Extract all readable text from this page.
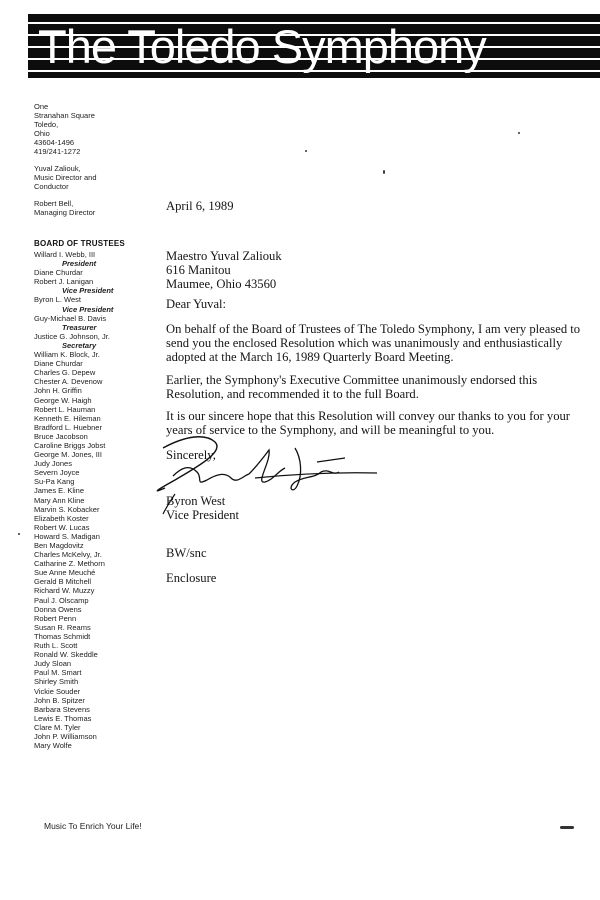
The Toledo Symphony
One
Stranahan Square
Toledo,
Ohio
43604-1496
419/241-1272
Yuval Zaliouk,
Music Director and
Conductor
Robert Bell,
Managing Director
BOARD OF TRUSTEES
Willard I. Webb, III
President
Diane Churdar
Robert J. Lanigan
Vice President
Byron L. West
Vice President
Guy-Michael B. Davis
Treasurer
Justice G. Johnson, Jr.
Secretary
William K. Block, Jr.
Diane Churdar
Charles G. Depew
Chester A. Devenow
John H. Griffin
George W. Haigh
Robert L. Hauman
Kenneth E. Hileman
Bradford L. Huebner
Bruce Jacobson
Caroline Briggs Jobst
George M. Jones, III
Judy Jones
Severn Joyce
Su-Pa Kang
James E. Kline
Mary Ann Kline
Marvin S. Kobacker
Elizabeth Koster
Robert W. Lucas
Howard S. Madigan
Ben Magdovitz
Charles McKelvy, Jr.
Catharine Z. Methorn
Sue Anne Meuché
Gerald B Mitchell
Richard W. Muzzy
Paul J. Olscamp
Donna Owens
Robert Penn
Susan R. Reams
Thomas Schmidt
Ruth L. Scott
Ronald W. Skeddle
Judy Sloan
Paul M. Smart
Shirley Smith
Vickie Souder
John B. Spitzer
Barbara Stevens
Lewis E. Thomas
Clare M. Tyler
John P. Williamson
Mary Wolfe
Music To Enrich Your Life!
April 6, 1989
Maestro Yuval Zaliouk
616 Manitou
Maumee, Ohio 43560
Dear Yuval:

On behalf of the Board of Trustees of The Toledo Symphony, I am very pleased to send you the enclosed Resolution which was unanimously and enthusiastically adopted at the March 16, 1989 Quarterly Board Meeting.

Earlier, the Symphony's Executive Committee unanimously endorsed this Resolution, and recommended it to the full Board.

It is our sincere hope that this Resolution will convey our thanks to you for your years of service to the Symphony, and will be meaningful to you.

Sincerely,
Byron West
Vice President
BW/snc
Enclosure
